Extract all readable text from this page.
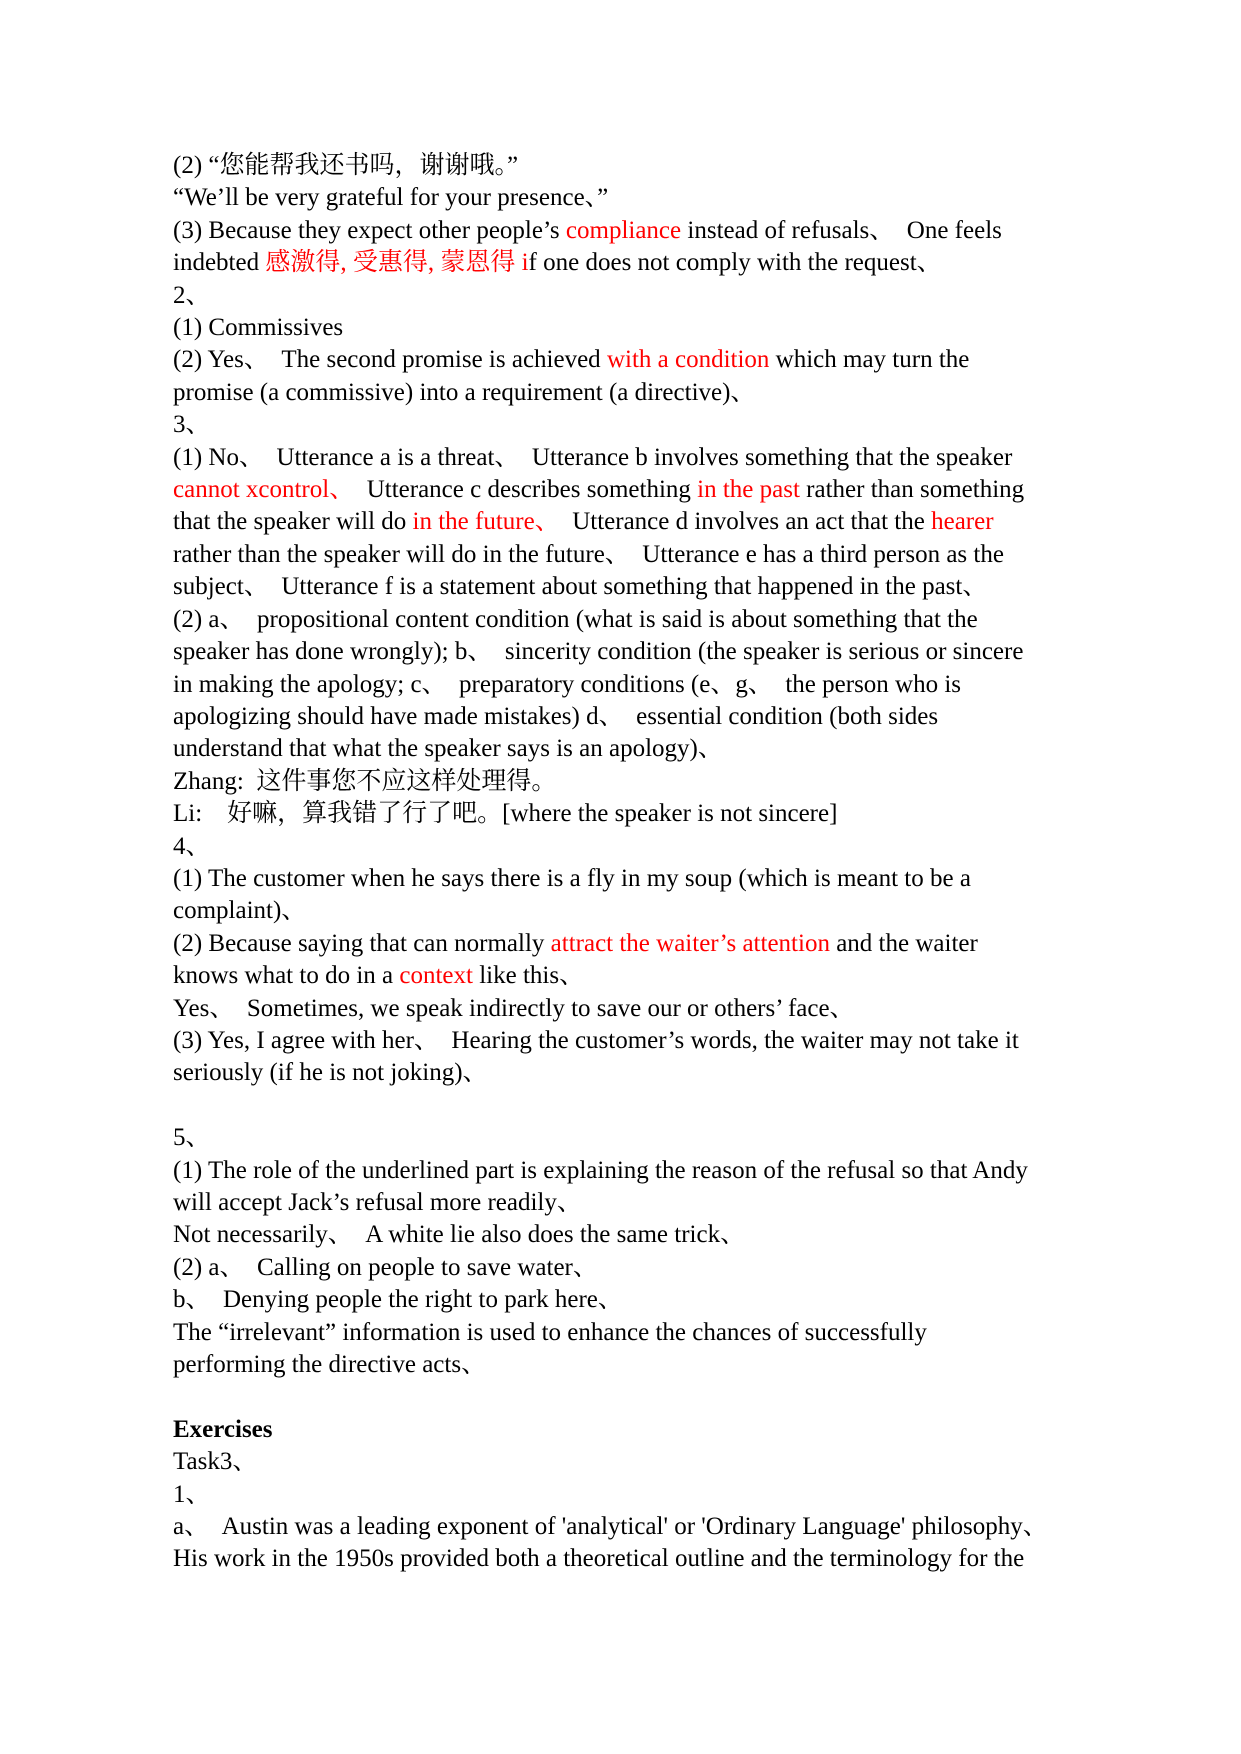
(2) “您能帮我还书吗，谢谢哦。”
“We’ll be very grateful for your presence、”
(3) Because they expect other people’s compliance instead of refusals、　One feels
indebted 感激得, 受惠得, 蒙恩得 if one does not comply with the request、
2、
(1) Commissives
(2) Yes、　The second promise is achieved with a condition which may turn the
promise (a commissive) into a requirement (a directive)、
3、
(1) No、　Utterance a is a threat、　Utterance b involves something that the speaker
cannot xcontrol、　Utterance c describes something in the past rather than something
that the speaker will do in the future、　Utterance d involves an act that the hearer
rather than the speaker will do in the future、　Utterance e has a third person as the
subject、　Utterance f is a statement about something that happened in the past、
(2) a、　propositional content condition (what is said is about something that the
speaker has done wrongly); b、　sincerity condition (the speaker is serious or sincere
in making the apology; c、　preparatory conditions (e、g、　the person who is
apologizing should have made mistakes) d、　essential condition (both sides
understand that what the speaker says is an apology)、
Zhang:  这件事您不应这样处理得。
Li:　好嘛，算我错了行了吧。[where the speaker is not sincere]
4、
(1) The customer when he says there is a fly in my soup (which is meant to be a
complaint)、
(2) Because saying that can normally attract the waiter’s attention and the waiter
knows what to do in a context like this、
Yes、　Sometimes, we speak indirectly to save our or others’ face、
(3) Yes, I agree with her、　Hearing the customer’s words, the waiter may not take it
seriously (if he is not joking)、

5、
(1) The role of the underlined part is explaining the reason of the refusal so that Andy
will accept Jack’s refusal more readily、
Not necessarily、　A white lie also does the same trick、
(2) a、　Calling on people to save water、
b、　Denying people the right to park here、
The “irrelevant” information is used to enhance the chances of successfully
performing the directive acts、

Exercises
Task3、
1、
a、　Austin was a leading exponent of 'analytical' or 'Ordinary Language' philosophy、
His work in the 1950s provided both a theoretical outline and the terminology for the
